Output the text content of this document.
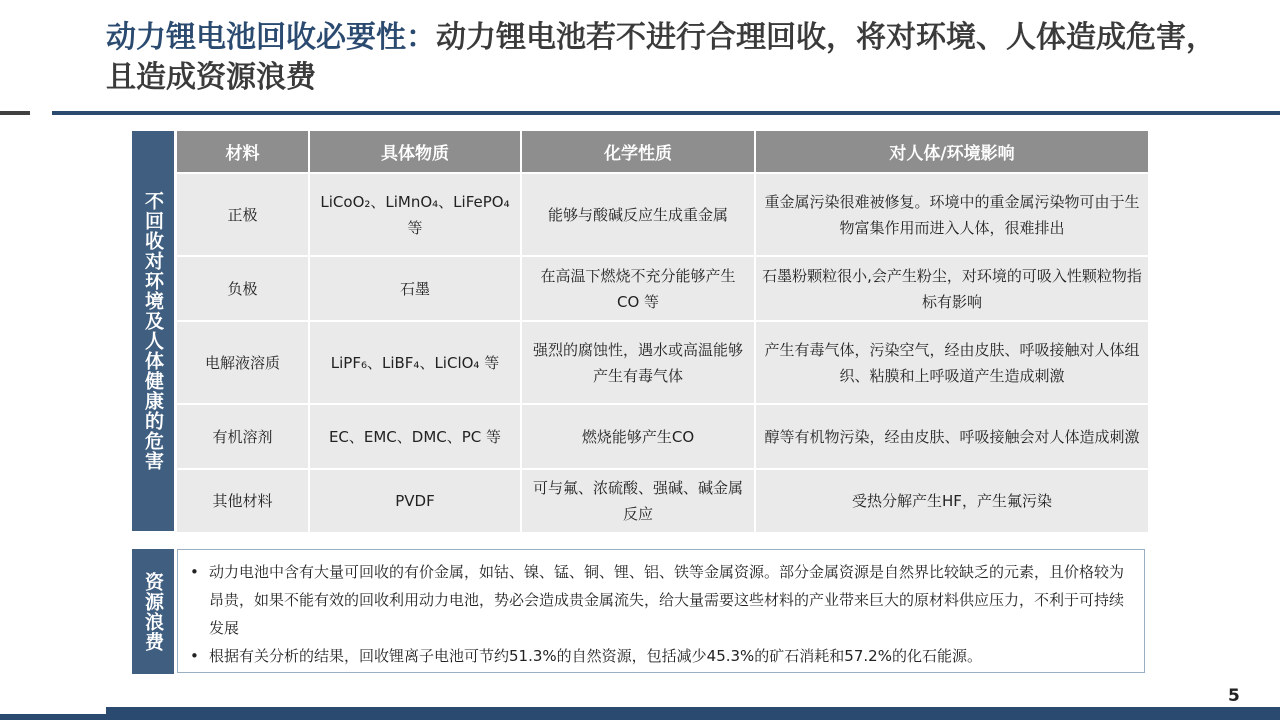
动力锂电池回收必要性：动力锂电池若不进行合理回收，将对环境、人体造成危害，且造成资源浪费
不回收对环境及人体健康的危害
材料	具体物质	化学性质	对人体/环境影响
正极	LiCoO₂、LiMnO₄、LiFePO₄等	能够与酸碱反应生成重金属	重金属污染很难被修复。环境中的重金属污染物可由于生物富集作用而进入人体，很难排出
负极	石墨	在高温下燃烧不充分能够产生 CO 等	石墨粉颗粒很小,会产生粉尘，对环境的可吸入性颗粒物指标有影响
电解液溶质	LiPF₆、LiBF₄、LiClO₄ 等	强烈的腐蚀性，遇水或高温能够产生有毒气体	产生有毒气体，污染空气，经由皮肤、呼吸接触对人体组织、粘膜和上呼吸道产生造成刺激
有机溶剂	EC、EMC、DMC、PC 等	燃烧能够产生CO	醇等有机物污染，经由皮肤、呼吸接触会对人体造成刺激
其他材料	PVDF	可与氟、浓硫酸、强碱、碱金属反应	受热分解产生HF，产生氟污染
资源浪费 • 动力电池中含有大量可回收的有价金属，如钴、镍、锰、铜、锂、铝、铁等金属资源。部分金属资源是自然界比较缺乏的元素，且价格较为昂贵，如果不能有效的回收利用动力电池，势必会造成贵金属流失，给大量需要这些材料的产业带来巨大的原材料供应压力，不利于可持续发展
• 根据有关分析的结果，回收锂离子电池可节约51.3%的自然资源，包括减少45.3%的矿石消耗和57.2%的化石能源。
5
